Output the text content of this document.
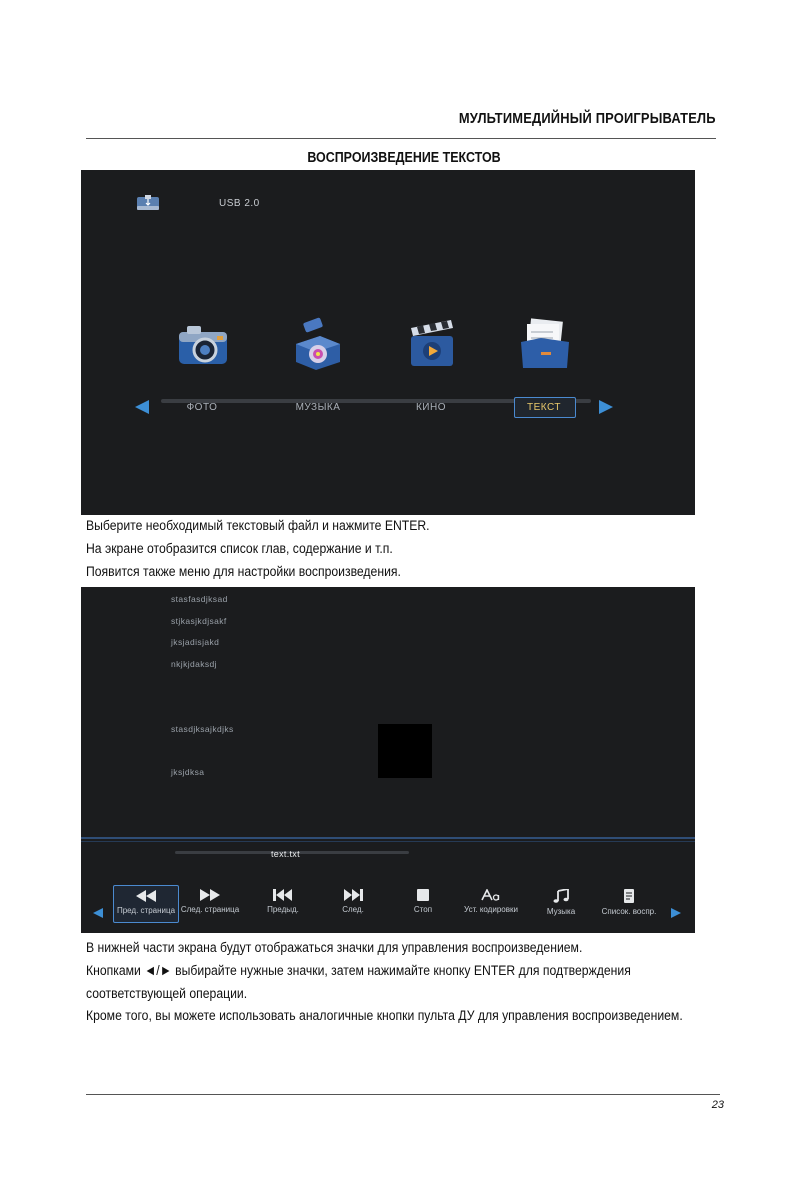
МУЛЬТИМЕДИЙНЫЙ ПРОИГРЫВАТЕЛЬ
ВОСПРОИЗВЕДЕНИЕ ТЕКСТОВ
USB 2.0
ФОТО	МУЗЫКА	КИНО	ТЕКСТ
Выберите необходимый текстовый файл и нажмите ENTER.
На экране отобразится список глав, содержание и т.п.
Появится также меню для настройки воспроизведения.
stasfasdjksad
stjkasjkdjsakf
jksjadisjakd
nkjkjdaksdj
stasdjksajkdjks
jksjdksa
text.txt
Пред. страница След. страница	Предыд.	След.	Стоп	Уст. кодировки	Музыка	Список. воспр.
В нижней части экрана будут отображаться значки для управления воспроизведением.
Кнопками ◄/► выбирайте нужные значки, затем нажимайте кнопку ENTER для подтверждения
соответствующей операции.
Кроме того, вы можете использовать аналогичные кнопки пульта ДУ для управления воспроизведением.
23
